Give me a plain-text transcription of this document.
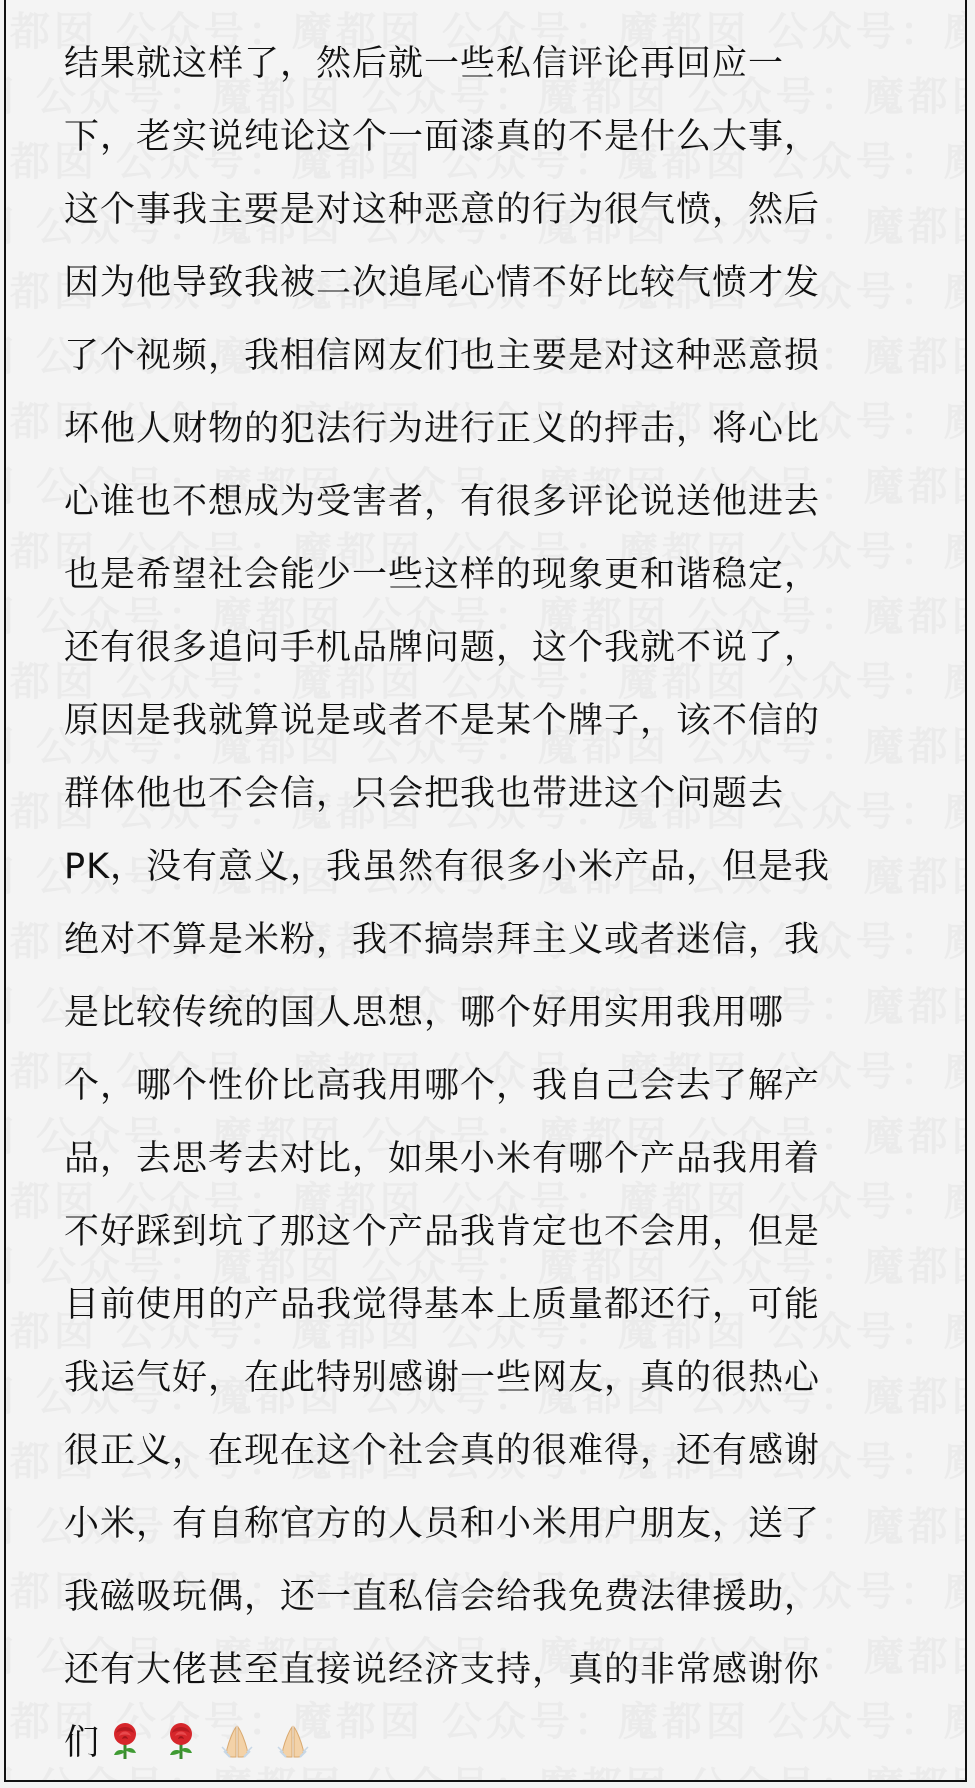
结果就这样了，然后就一些私信评论再回应一
下，老实说纯论这个一面漆真的不是什么大事，
这个事我主要是对这种恶意的行为很气愤，然后
因为他导致我被二次追尾心情不好比较气愤才发
了个视频，我相信网友们也主要是对这种恶意损
坏他人财物的犯法行为进行正义的抨击，将心比
心谁也不想成为受害者，有很多评论说送他进去
也是希望社会能少一些这样的现象更和谐稳定，
还有很多追问手机品牌问题，这个我就不说了，
原因是我就算说是或者不是某个牌子，该不信的
群体他也不会信，只会把我也带进这个问题去
PK，没有意义，我虽然有很多小米产品，但是我
绝对不算是米粉，我不搞崇拜主义或者迷信，我
是比较传统的国人思想，哪个好用实用我用哪
个，哪个性价比高我用哪个，我自己会去了解产
品，去思考去对比，如果小米有哪个产品我用着
不好踩到坑了那这个产品我肯定也不会用，但是
目前使用的产品我觉得基本上质量都还行，可能
我运气好，在此特别感谢一些网友，真的很热心
很正义，在现在这个社会真的很难得，还有感谢
小米，有自称官方的人员和小米用户朋友，送了
我磁吸玩偶，还一直私信会给我免费法律援助，
还有大佬甚至直接说经济支持，真的非常感谢你
们
